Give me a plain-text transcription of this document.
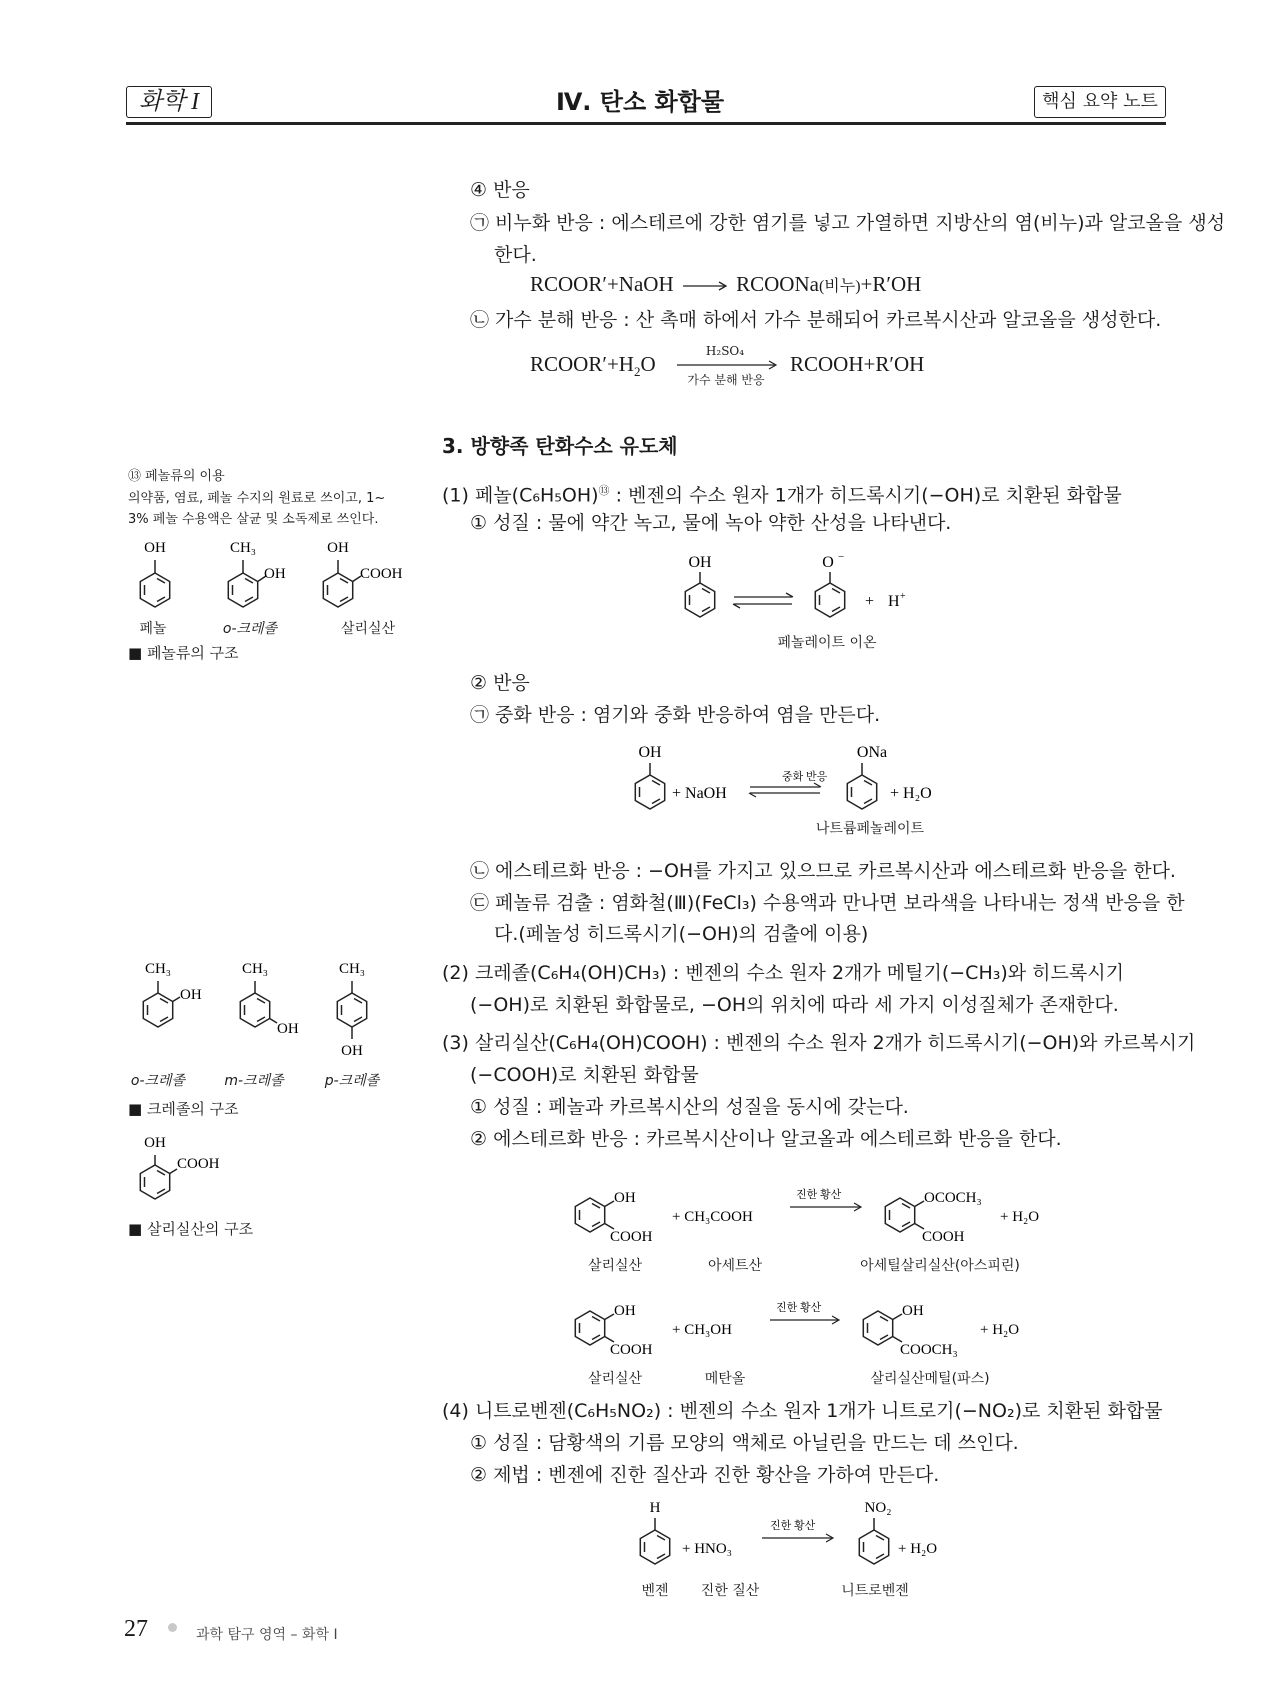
화학 I	Ⅳ. 탄소 화합물	핵심 요약 노트
④ 반응
㉠ 비누화 반응 : 에스테르에 강한 염기를 넣고 가열하면 지방산의 염(비누)과 알코올을 생성
한다.
RCOOR′+NaOH	RCOONa(비누)+R′OH
㉡ 가수 분해 반응 : 산 촉매 하에서 가수 분해되어 카르복시산과 알코올을 생성한다.
$RCOOR'+H_2O$
H₂SO₄
가수 분해 반응
RCOOH+R′OH
3. 방향족 탄화수소 유도체
(1) 페놀(C₆H₅OH)⑬ : 벤젠의 수소 원자 1개가 히드록시기(−OH)로 치환된 화합물
① 성질 : 물에 약간 녹고, 물에 녹아 약한 산성을 나타낸다.
OH	O −
+ H +
페놀레이트 이온
② 반응
㉠ 중화 반응 : 염기와 중화 반응하여 염을 만든다.
OH
+ NaOH
중화 반응
ONa
+ H₂O
나트륨페놀레이트
㉡ 에스테르화 반응 : −OH를 가지고 있으므로 카르복시산과 에스테르화 반응을 한다.
㉢ 페놀류 검출 : 염화철(Ⅲ)(FeCl₃) 수용액과 만나면 보라색을 나타내는 정색 반응을 한
다.(페놀성 히드록시기(−OH)의 검출에 이용)
(2) 크레졸(C₆H₄(OH)CH₃) : 벤젠의 수소 원자 2개가 메틸기(−CH₃)와 히드록시기
(−OH)로 치환된 화합물로, −OH의 위치에 따라 세 가지 이성질체가 존재한다.
(3) 살리실산(C₆H₄(OH)COOH) : 벤젠의 수소 원자 2개가 히드록시기(−OH)와 카르복시기
(−COOH)로 치환된 화합물
① 성질 : 페놀과 카르복시산의 성질을 동시에 갖는다.
② 에스테르화 반응 : 카르복시산이나 알코올과 에스테르화 반응을 한다.
OH
COOH
+ CH₃COOH
진한 황산	OCOCH₃
COOH
+ H₂O
살리실산	아세트산	아세틸살리실산(아스피린)
OH
COOH
+ CH₃OH
진한 황산	OH
COOCH₃
+ H₂O
살리실산	메탄올	살리실산메틸(파스)
(4) 니트로벤젠(C₆H₅NO₂) : 벤젠의 수소 원자 1개가 니트로기(−NO₂)로 치환된 화합물
① 성질 : 담황색의 기름 모양의 액체로 아닐린을 만드는 데 쓰인다.
② 제법 : 벤젠에 진한 질산과 진한 황산을 가하여 만든다.
H
+ HNO₃
진한 황산
NO₂
+ H₂O
벤젠	진한 질산	니트로벤젠
⑬ 페놀류의 이용
의약품, 염료, 페놀 수지의 원료로 쓰이고, 1~
3% 페놀 수용액은 살균 및 소독제로 쓰인다.
OH	CH₃
OH
OH
COOH
페놀	o-크레졸	살리실산
■ 페놀류의 구조
CH₃
OH
CH₃
OH
CH₃
OH
o-크레졸	m-크레졸	p-크레졸
■ 크레졸의 구조
OH
COOH
■ 살리실산의 구조
27	과학 탐구 영역 – 화학 Ⅰ
